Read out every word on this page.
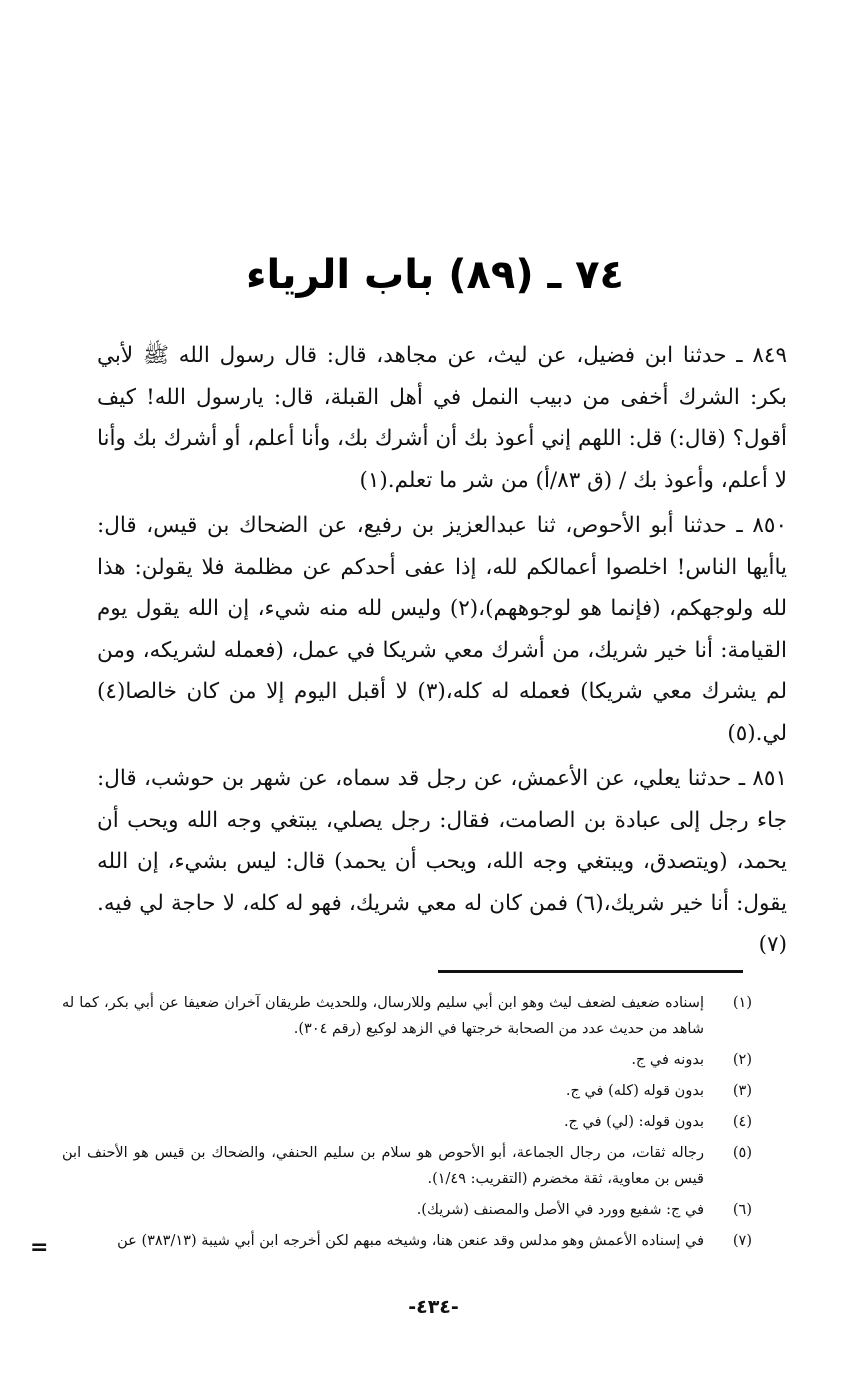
٧٤ ـ (٨٩) باب الرياء

٨٤٩ ـ حدثنا ابن فضيل، عن ليث، عن مجاهد، قال: قال رسول الله ﷺ لأبي بكر: الشرك أخفى من دبيب النمل في أهل القبلة، قال: يارسول الله! كيف أقول؟ (قال:) قل: اللهم إني أعوذ بك أن أشرك بك، وأنا أعلم، أو أشرك بك وأنا لا أعلم، وأعوذ بك / (ق ٨٣/أ) من شر ما تعلم.(١)

٨٥٠ ـ حدثنا أبو الأحوص، ثنا عبدالعزيز بن رفيع، عن الضحاك بن قيس، قال: ياأيها الناس! اخلصوا أعمالكم لله، إذا عفى أحدكم عن مظلمة فلا يقولن: هذا لله ولوجهكم، (فإنما هو لوجوههم)،(٢) وليس لله منه شيء، إن الله يقول يوم القيامة: أنا خير شريك، من أشرك معي شريكا في عمل، (فعمله لشريكه، ومن لم يشرك معي شريكا) فعمله له كله،(٣) لا أقبل اليوم إلا من كان خالصا(٤) لي.(٥)

٨٥١ ـ حدثنا يعلي، عن الأعمش، عن رجل قد سماه، عن شهر بن حوشب، قال: جاء رجل إلى عبادة بن الصامت، فقال: رجل يصلي، يبتغي وجه الله ويحب أن يحمد، (ويتصدق، ويبتغي وجه الله، ويحب أن يحمد) قال: ليس بشيء، إن الله يقول: أنا خير شريك،(٦) فمن كان له معي شريك، فهو له كله، لا حاجة لي فيه.(٧)

(١)
إسناده ضعيف لضعف ليث وهو ابن أبي سليم وللارسال، وللحديث طريقان آخران ضعيفا عن أبي بكر، كما له شاهد من حديث عدد من الصحابة خرجتها في الزهد لوكيع (رقم ٣٠٤).
(٢)
بدونه في ج.
(٣)
بدون قوله (كله) في ج.
(٤)
بدون قوله: (لي) في ج.
(٥)
رجاله ثقات، من رجال الجماعة، أبو الأحوص هو سلام بن سليم الحنفي، والضحاك بن قيس هو الأحنف ابن قيس بن معاوية، ثقة مخضرم (التقريب: ١/٤٩).
(٦)
في ج: شفيع وورد في الأصل والمصنف (شريك).
(٧)
في إسناده الأعمش وهو مدلس وقد عنعن هنا، وشيخه مبهم لكن أخرجه ابن أبي شيبة (٣٨٣/١٣) عن
=
-٤٣٤-
